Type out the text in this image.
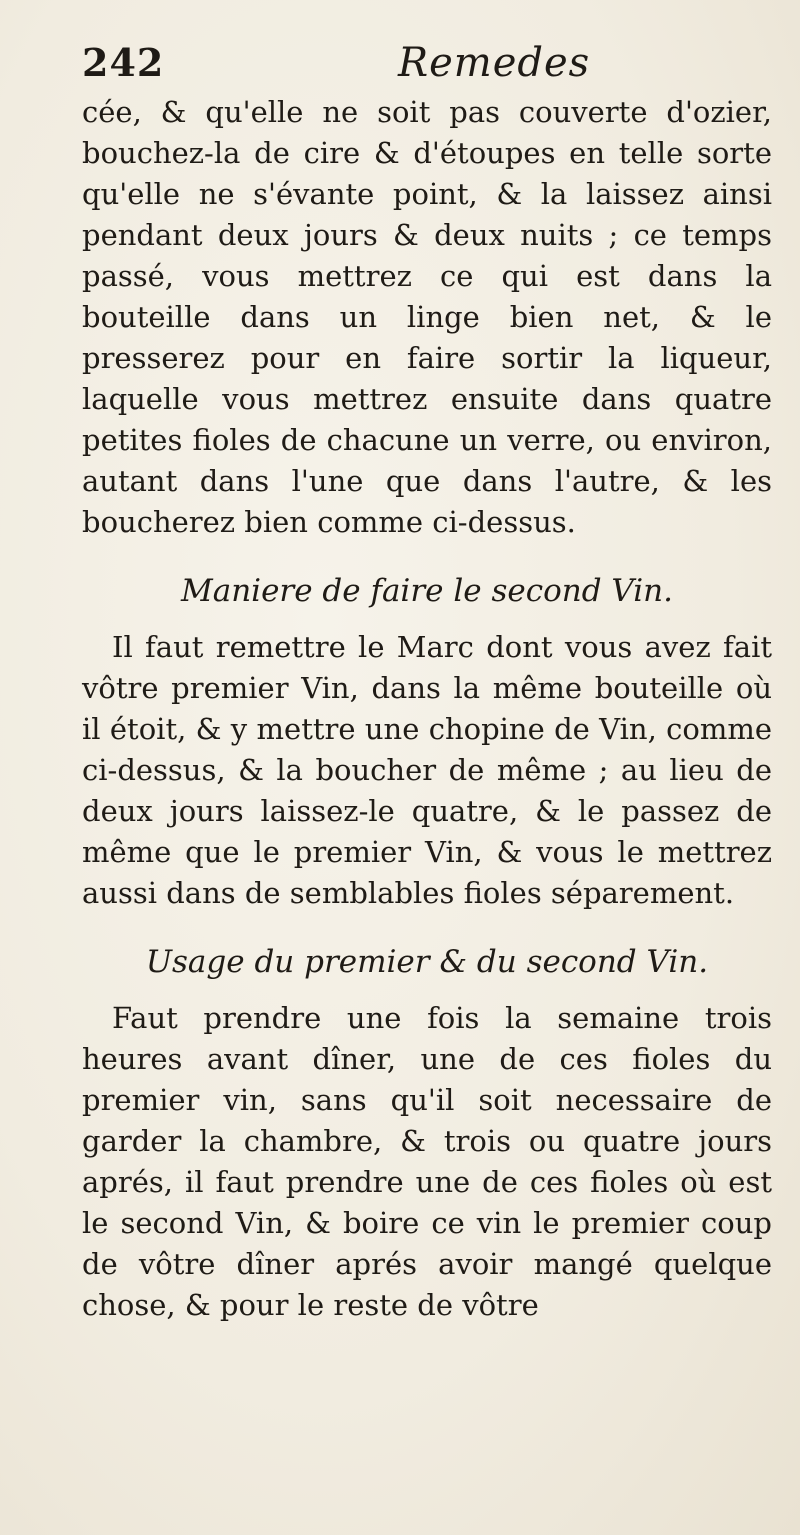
242	Remedes

cée, & qu'elle ne soit pas couverte d'ozier, bouchez-la de cire & d'étoupes en telle sorte qu'elle ne s'évante point, & la laissez ainsi pendant deux jours & deux nuits ; ce temps passé, vous mettrez ce qui est dans la bouteille dans un linge bien net, & le presserez pour en faire sortir la liqueur, laquelle vous mettrez ensuite dans quatre petites fioles de chacune un verre, ou environ, autant dans l'une que dans l'autre, & les boucherez bien comme ci-dessus.

Maniere de faire le second Vin.

Il faut remettre le Marc dont vous avez fait vôtre premier Vin, dans la même bouteille où il étoit, & y mettre une chopine de Vin, comme ci-dessus, & la boucher de même ; au lieu de deux jours laissez-le quatre, & le passez de même que le premier Vin, & vous le mettrez aussi dans de semblables fioles séparement.

Usage du premier & du second Vin.

Faut prendre une fois la semaine trois heures avant dîner, une de ces fioles du premier vin, sans qu'il soit necessaire de garder la chambre, & trois ou quatre jours aprés, il faut prendre une de ces fioles où est le second Vin, & boire ce vin le premier coup de vôtre dîner aprés avoir mangé quelque chose, & pour le reste de vôtre
